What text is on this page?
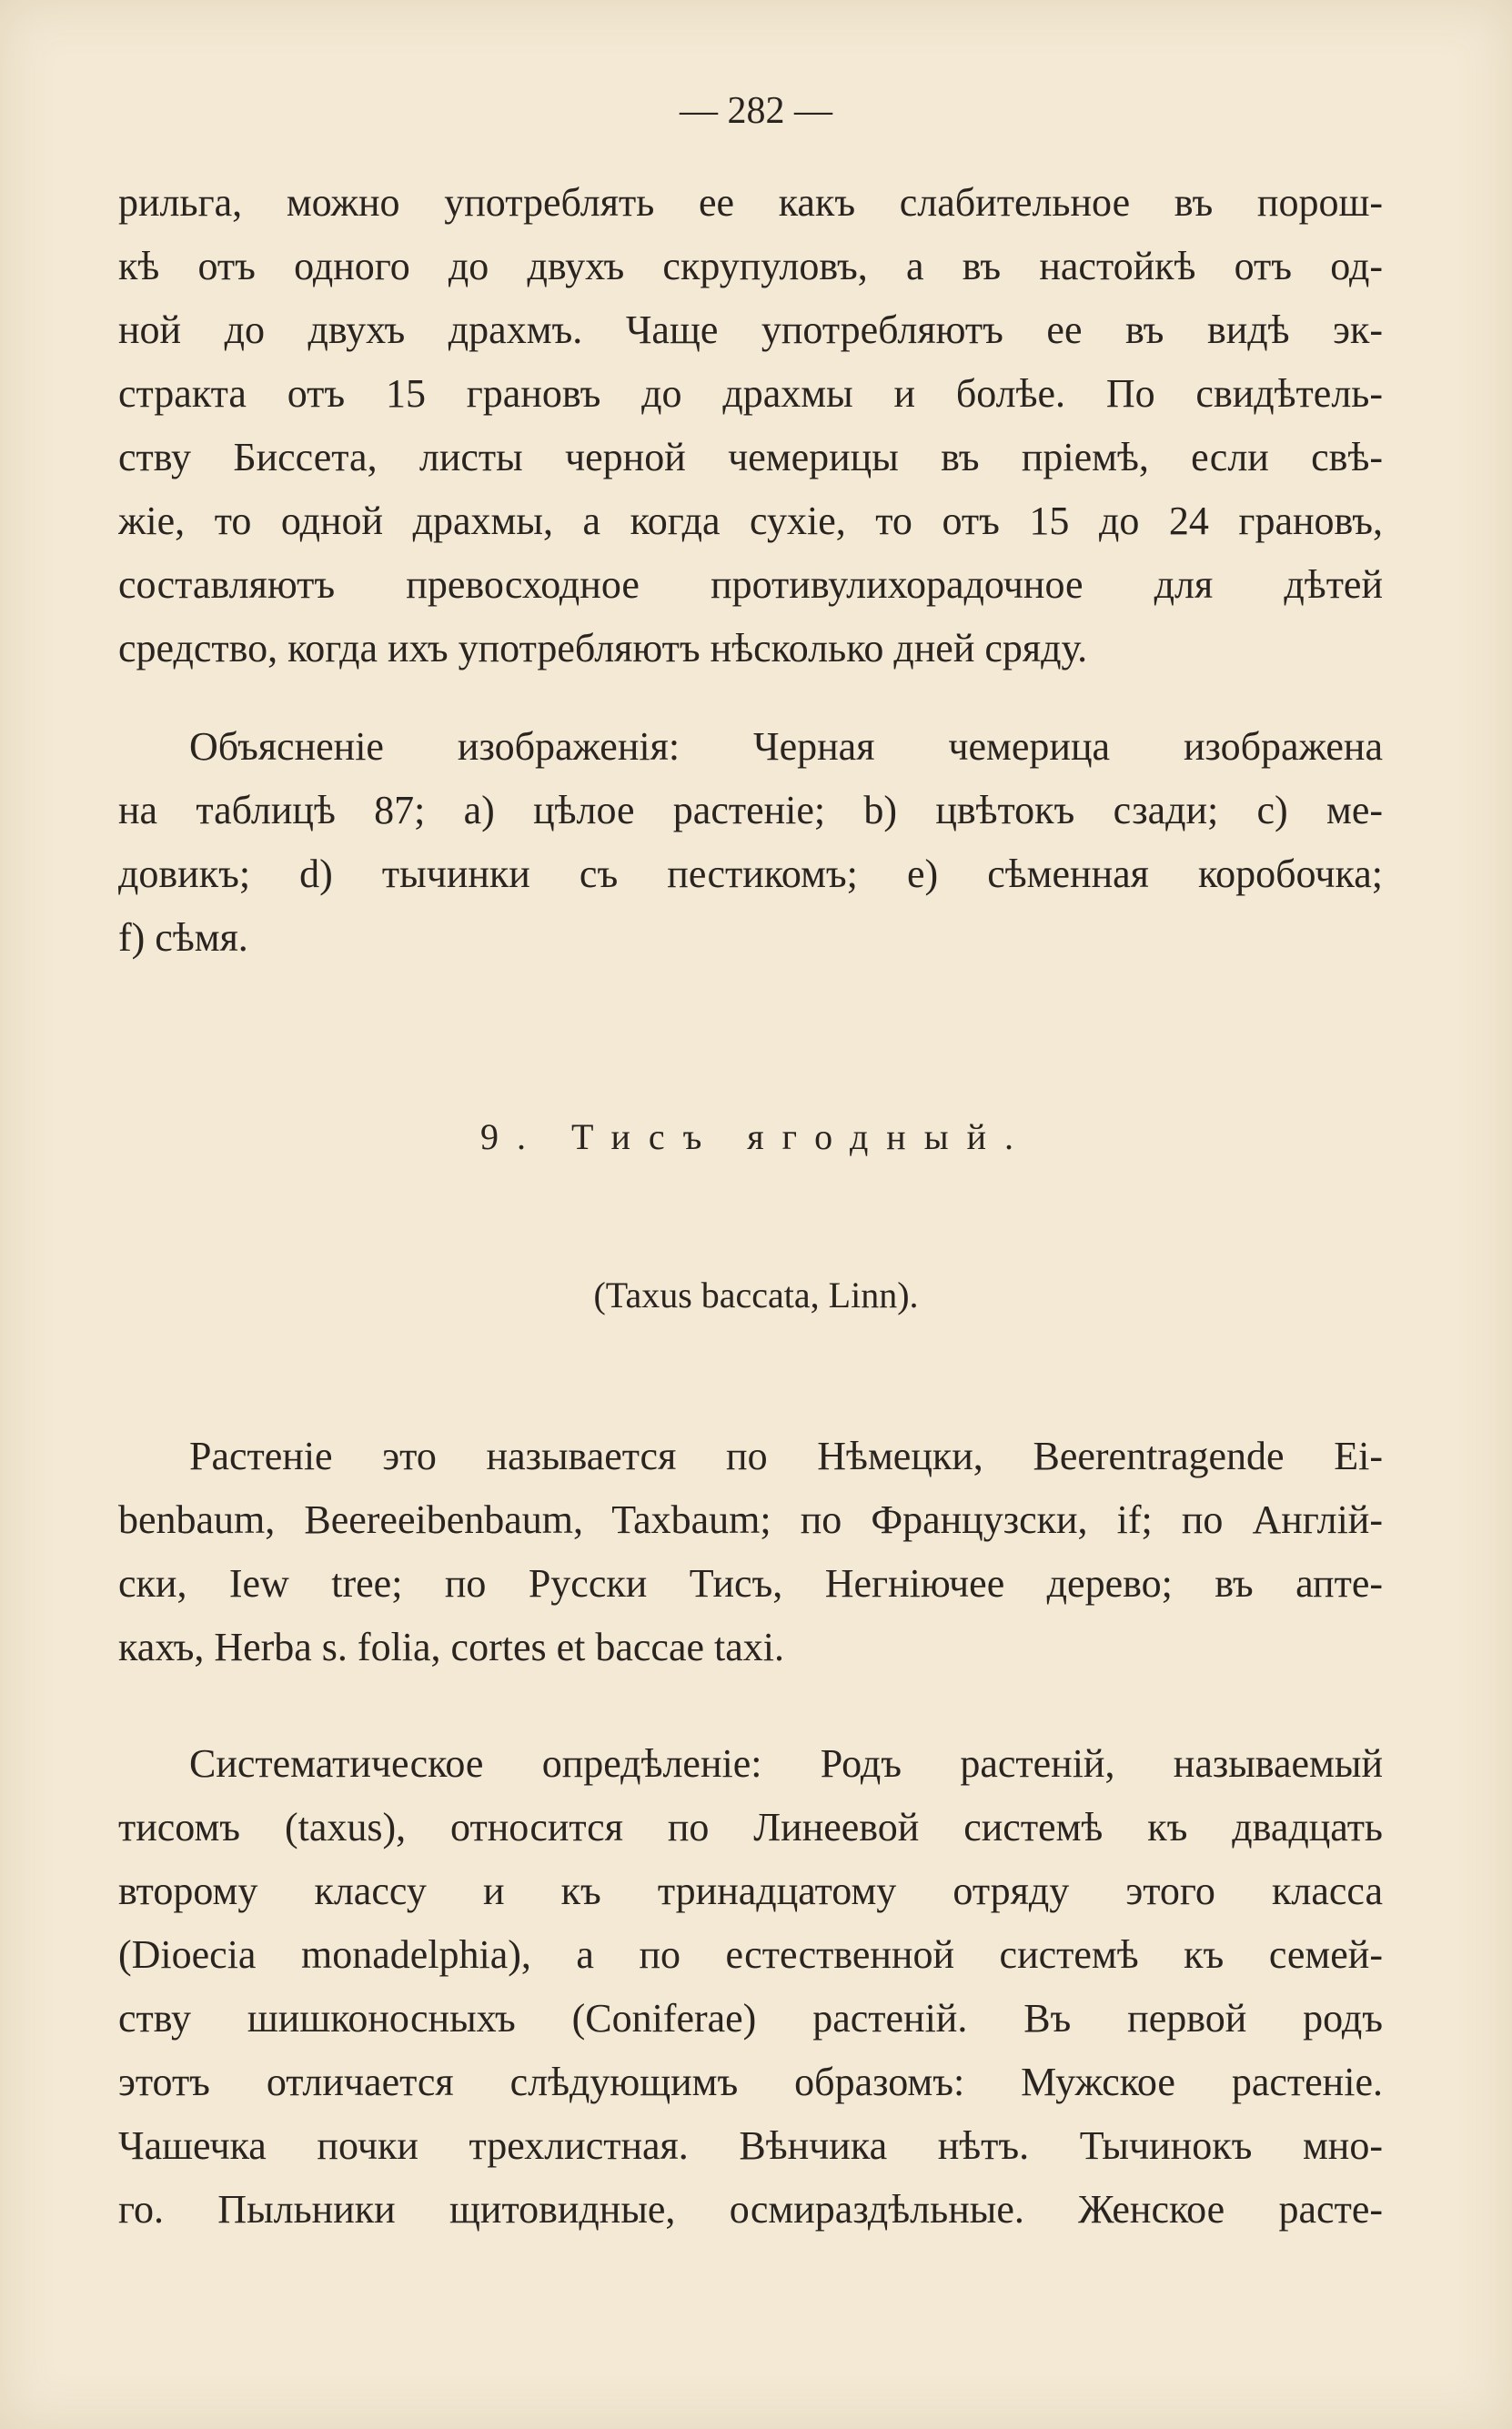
— 282 —
рильга, можно употреблять ее какъ слабительное въ порош-
кѣ отъ одного до двухъ скрупуловъ, а въ настойкѣ отъ од-
ной до двухъ драхмъ. Чаще употребляютъ ее въ видѣ эк-
стракта отъ 15 грановъ до драхмы и болѣе. По свидѣтель-
ству Биссета, листы черной чемерицы въ пріемѣ, если свѣ-
жіе, то одной драхмы, а когда сухіе, то отъ 15 до 24 грановъ,
составляютъ превосходное противулихорадочное для дѣтей
средство, когда ихъ употребляютъ нѣсколько дней сряду.
Объясненіе изображенія: Черная чемерица изображена
на таблицѣ 87; a) цѣлое растеніе; b) цвѣтокъ сзади; c) ме-
довикъ; d) тычинки съ пестикомъ; e) сѣменная коробочка;
f) сѣмя.
9. Тисъ ягодный.
(Taxus baccata, Linn).
Растеніе это называется по Нѣмецки, Beerentragende Ei-
benbaum, Beereeibenbaum, Taxbaum; по Французски, if; по Англій-
ски, Iew tree; по Русски Тисъ, Негніючее дерево; въ апте-
кахъ, Herba s. folia, cortes et baccae taxi.
Систематическое опредѣленіе: Родъ растеній, называемый
тисомъ (taxus), относится по Линеевой системѣ къ двадцать
второму классу и къ тринадцатому отряду этого класса
(Dioecia monadelphia), а по естественной системѣ къ семей-
ству шишконосныхъ (Coniferae) растеній. Въ первой родъ
этотъ отличается слѣдующимъ образомъ: Мужское растеніе.
Чашечка почки трехлистная. Вѣнчика нѣтъ. Тычинокъ мно-
го. Пыльники щитовидные, осмираздѣльные. Женское расте-
